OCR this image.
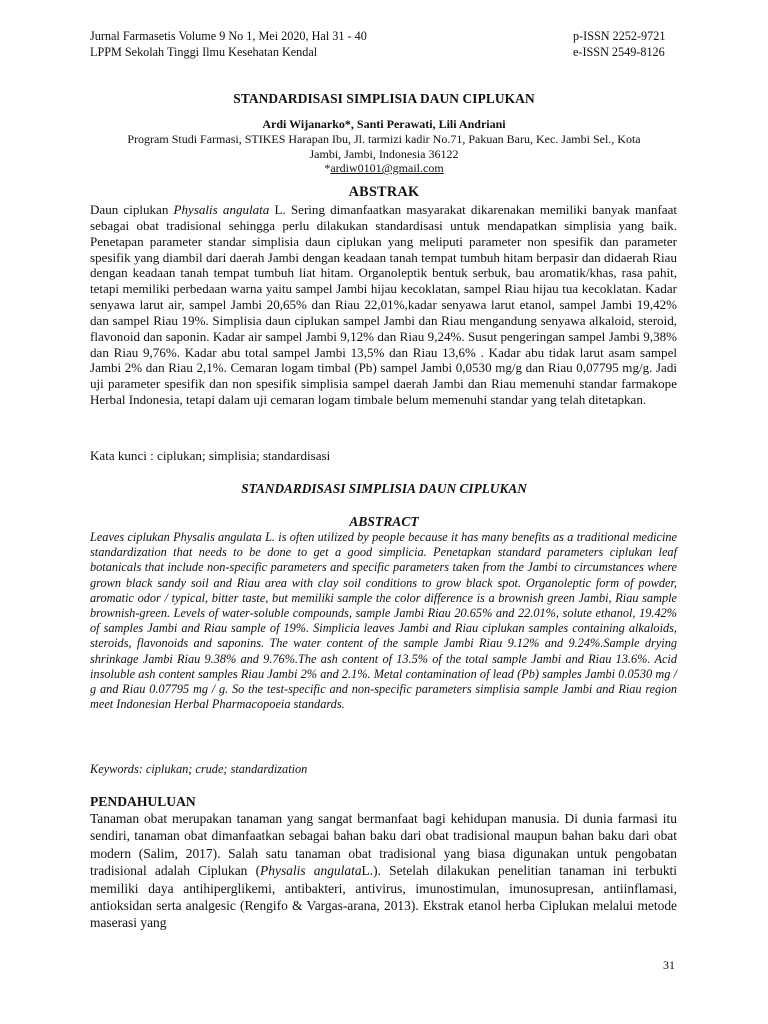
Jurnal Farmasetis Volume 9 No 1, Mei 2020, Hal 31 - 40
LPPM Sekolah Tinggi Ilmu Kesehatan Kendal
p-ISSN 2252-9721
e-ISSN 2549-8126
STANDARDISASI SIMPLISIA DAUN CIPLUKAN
Ardi Wijanarko*, Santi Perawati, Lili Andriani
Program Studi Farmasi, STIKES Harapan Ibu, Jl. tarmizi kadir No.71, Pakuan Baru, Kec. Jambi Sel., Kota Jambi, Jambi, Indonesia 36122
*ardiw0101@gmail.com
ABSTRAK
Daun ciplukan Physalis angulata L. Sering dimanfaatkan masyarakat dikarenakan memiliki banyak manfaat sebagai obat tradisional sehingga perlu dilakukan standardisasi untuk mendapatkan simplisia yang baik. Penetapan parameter standar simplisia daun ciplukan yang meliputi parameter non spesifik dan parameter spesifik yang diambil dari daerah Jambi dengan keadaan tanah tempat tumbuh hitam berpasir dan didaerah Riau dengan keadaan tanah tempat tumbuh liat hitam. Organoleptik bentuk serbuk, bau aromatik/khas, rasa pahit, tetapi memiliki perbedaan warna yaitu sampel Jambi hijau kecoklatan, sampel Riau hijau tua kecoklatan. Kadar senyawa larut air, sampel Jambi 20,65% dan Riau 22,01%,kadar senyawa larut etanol, sampel Jambi 19,42% dan sampel Riau 19%. Simplisia daun ciplukan sampel Jambi dan Riau mengandung senyawa alkaloid, steroid, flavonoid dan saponin. Kadar air sampel Jambi 9,12% dan Riau 9,24%. Susut pengeringan sampel Jambi 9,38% dan Riau 9,76%. Kadar abu total sampel Jambi 13,5% dan Riau 13,6% . Kadar abu tidak larut asam sampel Jambi 2% dan Riau 2,1%. Cemaran logam timbal (Pb) sampel Jambi 0,0530 mg/g dan Riau 0,07795 mg/g. Jadi uji parameter spesifik dan non spesifik simplisia sampel daerah Jambi dan Riau memenuhi standar farmakope Herbal Indonesia, tetapi dalam uji cemaran logam timbale belum memenuhi standar yang telah ditetapkan.
Kata kunci : ciplukan; simplisia; standardisasi
STANDARDISASI SIMPLISIA DAUN CIPLUKAN
ABSTRACT
Leaves ciplukan Physalis angulata L. is often utilized by people because it has many benefits as a traditional medicine standardization that needs to be done to get a good simplicia. Penetapkan standard parameters ciplukan leaf botanicals that include non-specific parameters and specific parameters taken from the Jambi to circumstances where grown black sandy soil and Riau area with clay soil conditions to grow black spot. Organoleptic form of powder, aromatic odor / typical, bitter taste, but memiliki sample the color difference is a brownish green Jambi, Riau sample brownish-green. Levels of water-soluble compounds, sample Jambi Riau 20.65% and 22.01%, solute ethanol, 19.42% of samples Jambi and Riau sample of 19%. Simplicia leaves Jambi and Riau ciplukan samples containing alkaloids, steroids, flavonoids and saponins. The water content of the sample Jambi Riau 9.12% and 9.24%.Sample drying shrinkage Jambi Riau 9.38% and 9.76%.The ash content of 13.5% of the total sample Jambi and Riau 13.6%. Acid insoluble ash content samples Riau Jambi 2% and 2.1%. Metal contamination of lead (Pb) samples Jambi 0.0530 mg / g and Riau 0.07795 mg / g. So the test-specific and non-specific parameters simplisia sample Jambi and Riau region meet Indonesian Herbal Pharmacopoeia standards.
Keywords: ciplukan; crude; standardization
PENDAHULUAN
Tanaman obat merupakan tanaman yang sangat bermanfaat bagi kehidupan manusia. Di dunia farmasi itu sendiri, tanaman obat dimanfaatkan sebagai bahan baku dari obat tradisional maupun bahan baku dari obat modern (Salim, 2017). Salah satu tanaman obat tradisional yang biasa digunakan untuk pengobatan tradisional adalah Ciplukan (Physalis angulataL.). Setelah dilakukan penelitian tanaman ini terbukti memiliki daya antihiperglikemi, antibakteri, antivirus, imunostimulan, imunosupresan, antiinflamasi, antioksidan serta analgesic (Rengifo & Vargas-arana, 2013). Ekstrak etanol herba Ciplukan melalui metode maserasi yang
31
